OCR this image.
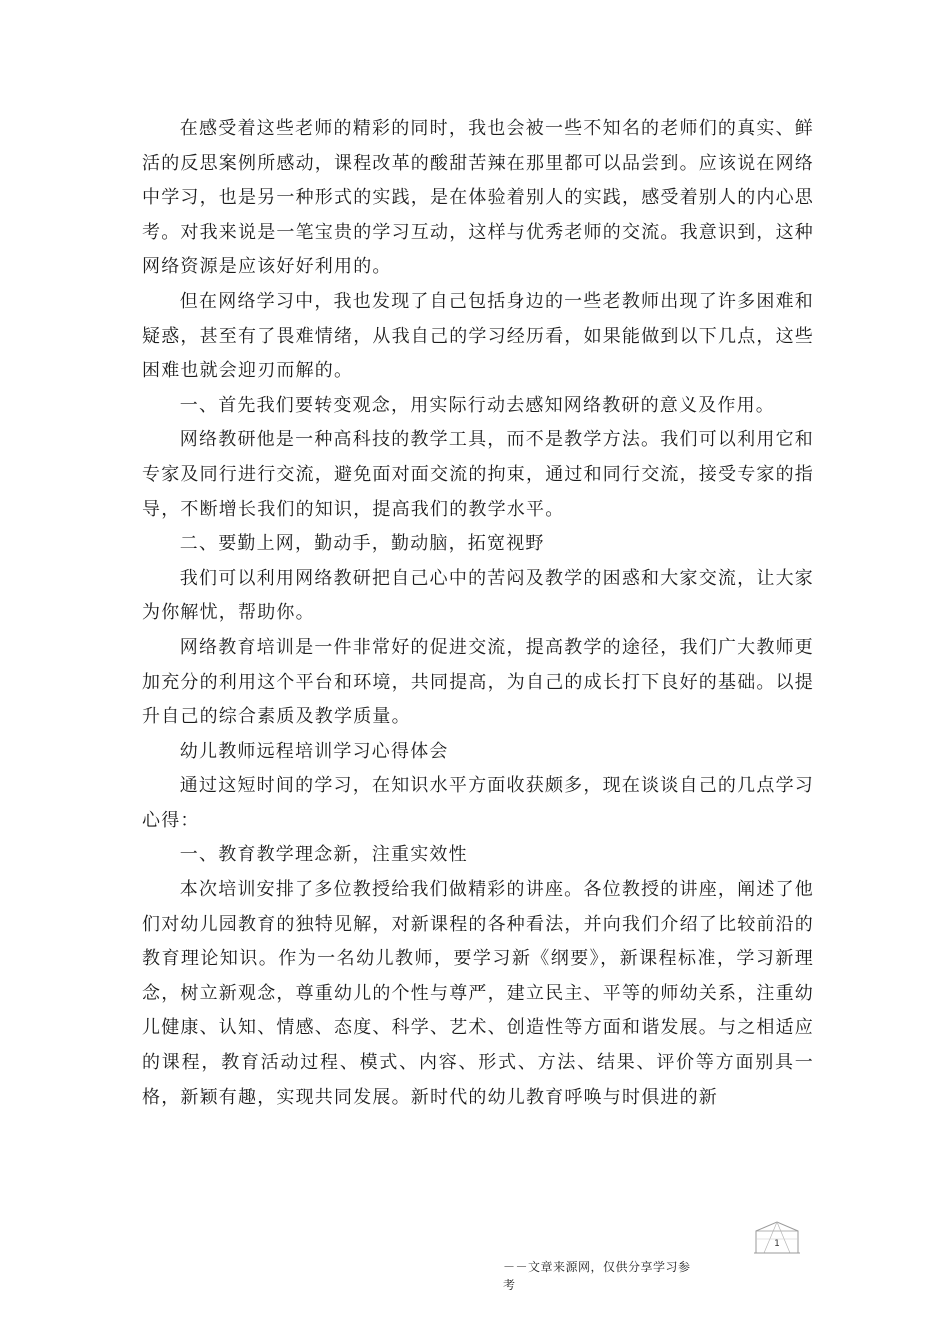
在感受着这些老师的精彩的同时，我也会被一些不知名的老师们的真实、鲜活的反思案例所感动，课程改革的酸甜苦辣在那里都可以品尝到。应该说在网络中学习，也是另一种形式的实践，是在体验着别人的实践，感受着别人的内心思考。对我来说是一笔宝贵的学习互动，这样与优秀老师的交流。我意识到，这种网络资源是应该好好利用的。

但在网络学习中，我也发现了自己包括身边的一些老教师出现了许多困难和疑惑，甚至有了畏难情绪，从我自己的学习经历看，如果能做到以下几点，这些困难也就会迎刃而解的。

一、首先我们要转变观念，用实际行动去感知网络教研的意义及作用。

网络教研他是一种高科技的教学工具，而不是教学方法。我们可以利用它和专家及同行进行交流，避免面对面交流的拘束，通过和同行交流，接受专家的指导，不断增长我们的知识，提高我们的教学水平。

二、要勤上网，勤动手，勤动脑，拓宽视野

我们可以利用网络教研把自己心中的苦闷及教学的困惑和大家交流，让大家为你解忧，帮助你。

网络教育培训是一件非常好的促进交流，提高教学的途径，我们广大教师更加充分的利用这个平台和环境，共同提高，为自己的成长打下良好的基础。以提升自己的综合素质及教学质量。

幼儿教师远程培训学习心得体会

通过这短时间的学习，在知识水平方面收获颇多，现在谈谈自己的几点学习心得：

一、教育教学理念新，注重实效性

本次培训安排了多位教授给我们做精彩的讲座。各位教授的讲座，阐述了他们对幼儿园教育的独特见解，对新课程的各种看法，并向我们介绍了比较前沿的教育理论知识。作为一名幼儿教师，要学习新《纲要》，新课程标准，学习新理念，树立新观念，尊重幼儿的个性与尊严，建立民主、平等的师幼关系，注重幼儿健康、认知、情感、态度、科学、艺术、创造性等方面和谐发展。与之相适应的课程，教育活动过程、模式、内容、形式、方法、结果、评价等方面别具一格，新颖有趣，实现共同发展。新时代的幼儿教育呼唤与时俱进的新

1
－－文章来源网，仅供分享学习参
考
